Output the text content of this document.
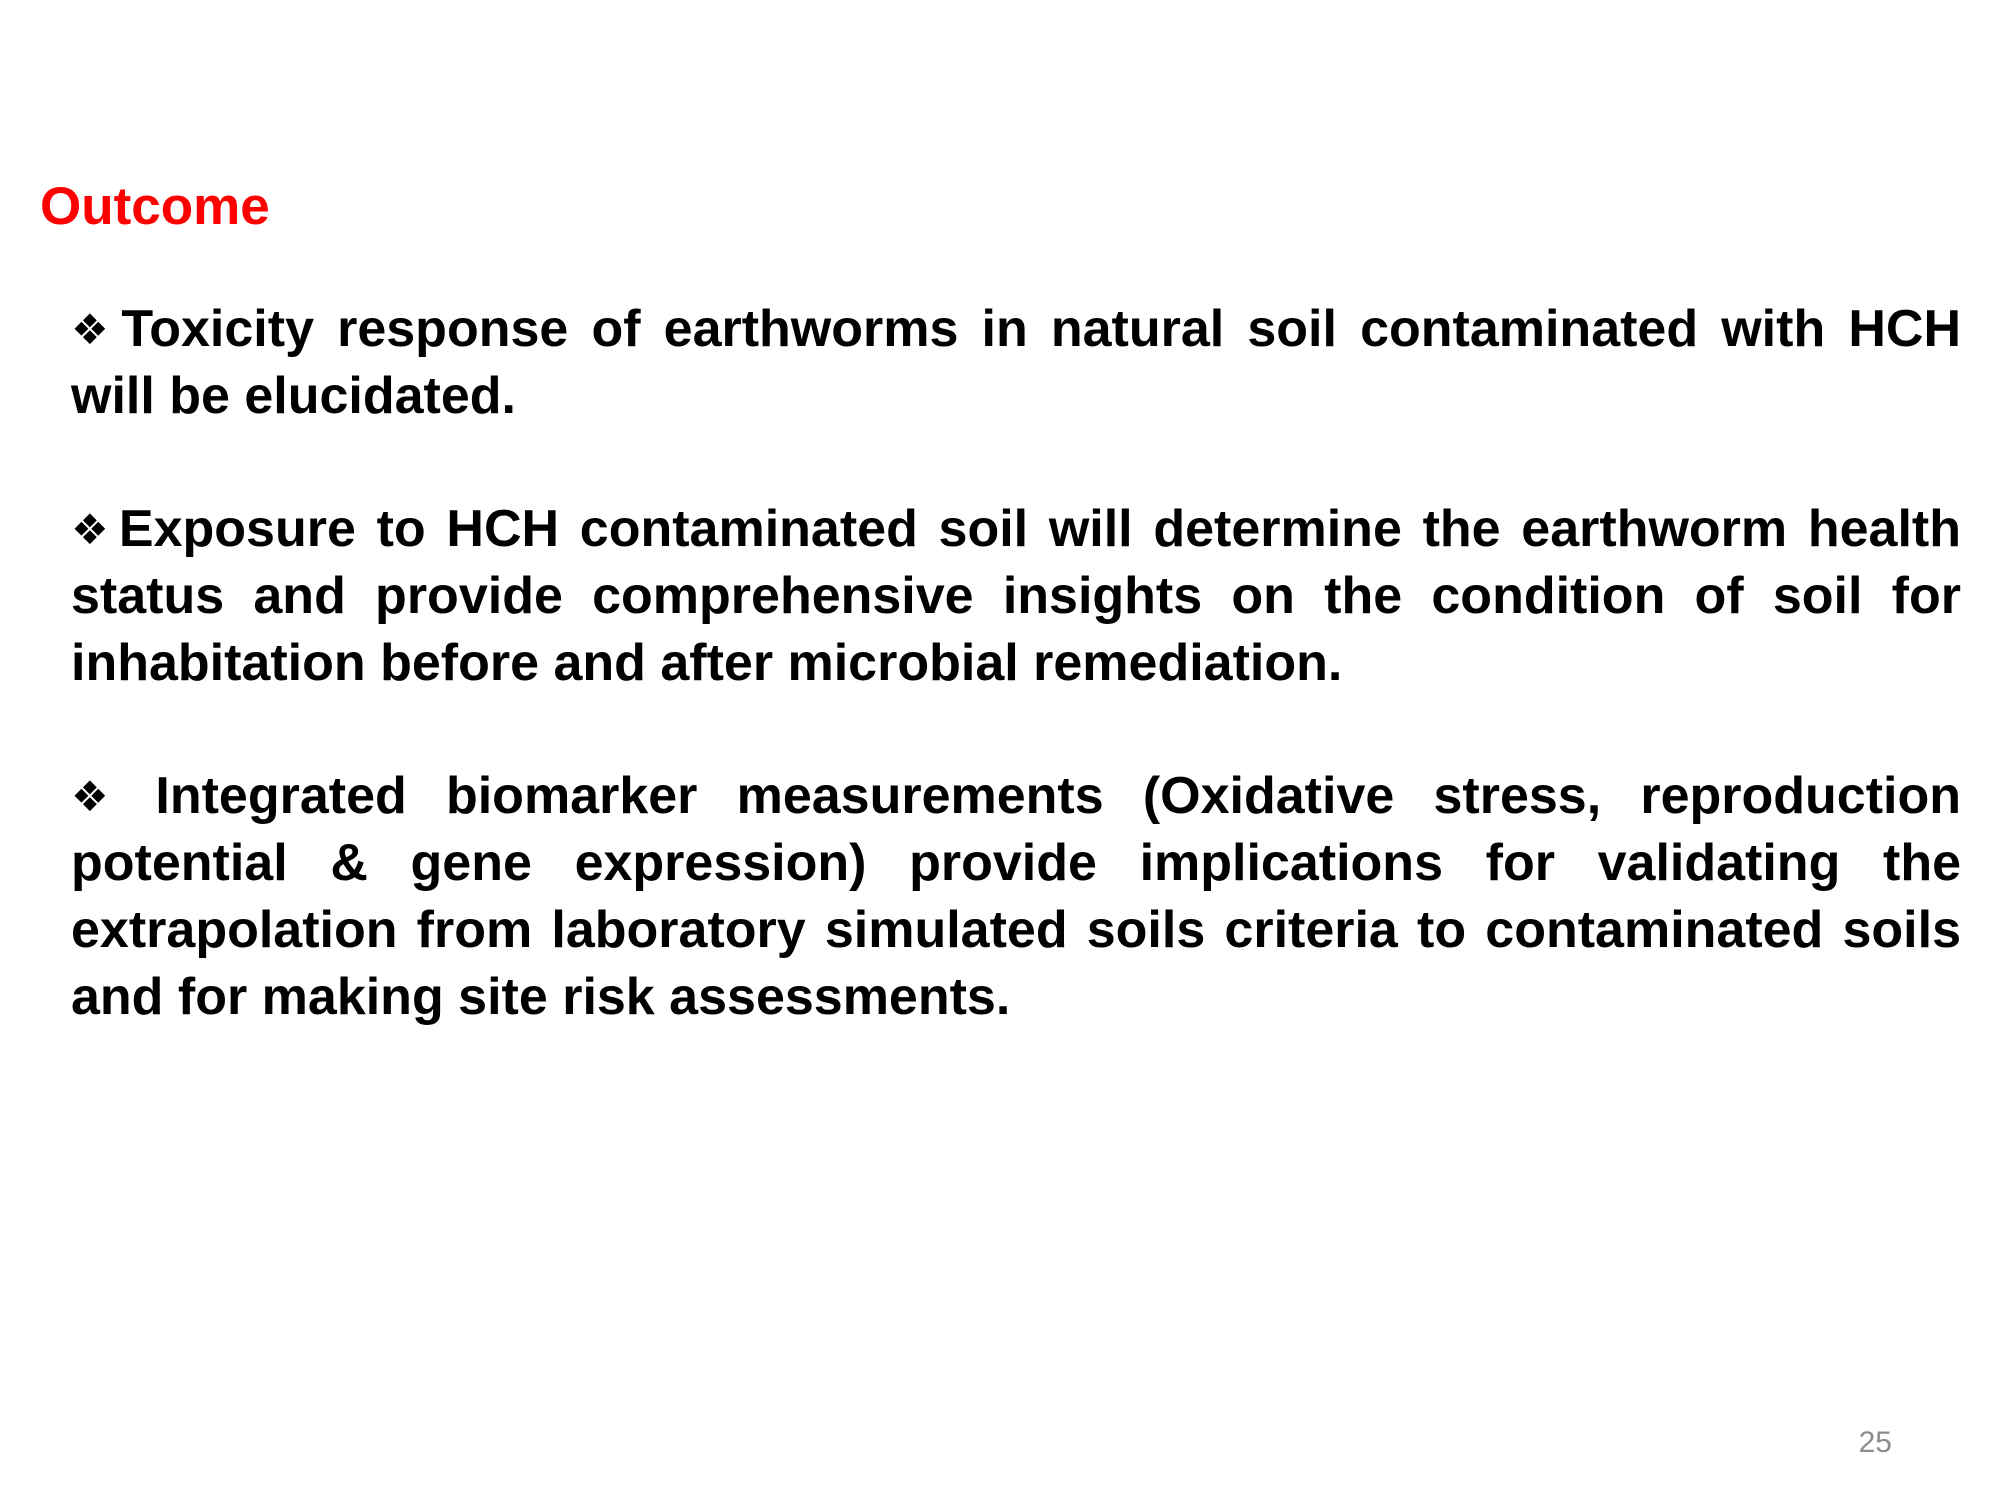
Outcome
❖Toxicity response of earthworms in natural soil contaminated with HCH will be elucidated.
❖Exposure to HCH contaminated soil will determine the earthworm health status and provide comprehensive insights on the condition of soil for inhabitation before and after microbial remediation.
❖ Integrated biomarker measurements (Oxidative stress, reproduction potential & gene expression) provide implications for validating the extrapolation from laboratory simulated soils criteria to contaminated soils and for making site risk assessments.
25
